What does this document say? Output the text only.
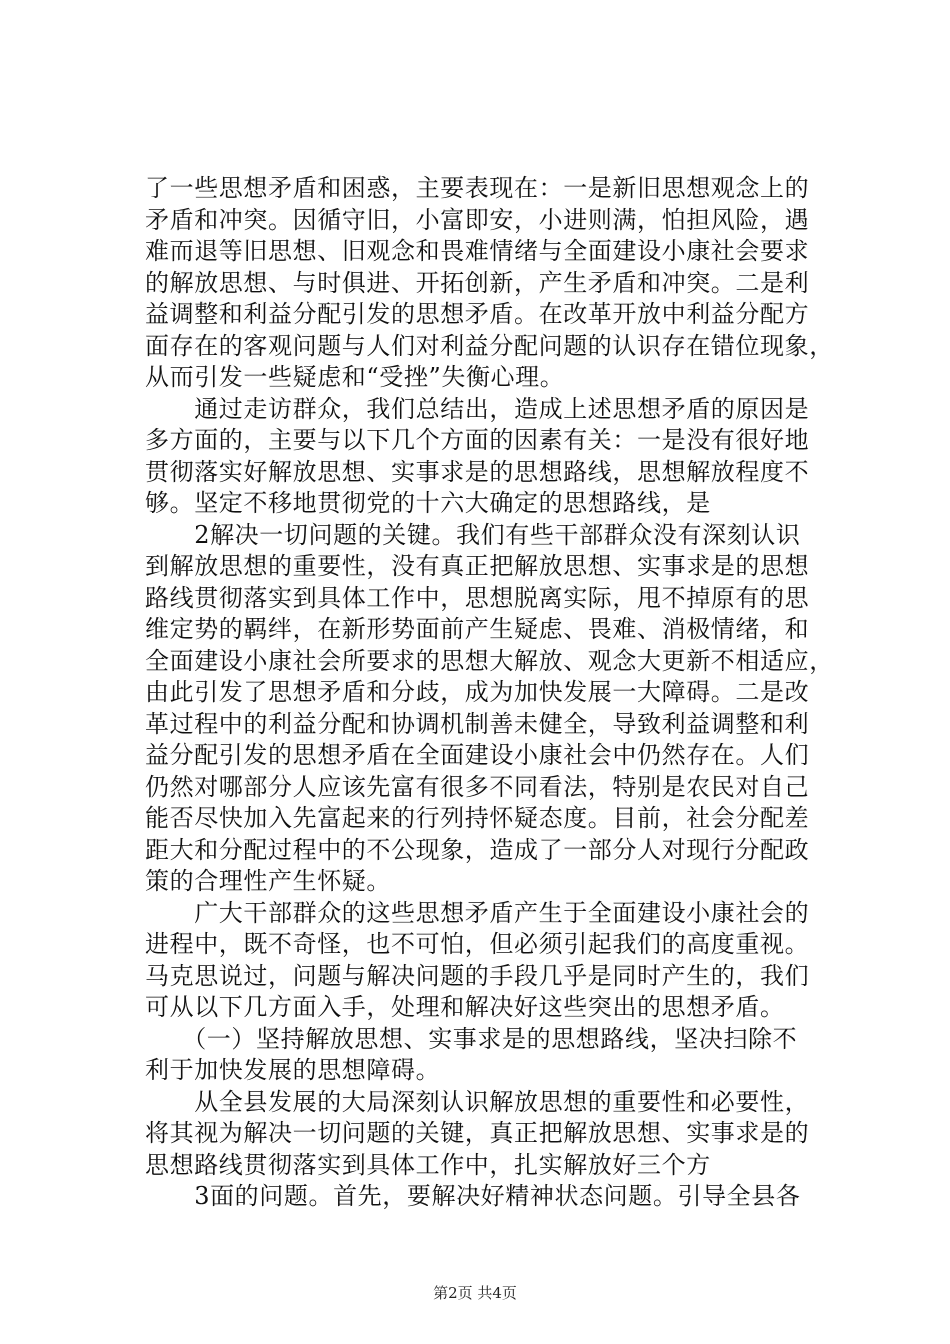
了一些思想矛盾和困惑，主要表现在：一是新旧思想观念上的
矛盾和冲突。因循守旧，小富即安，小进则满，怕担风险，遇
难而退等旧思想、旧观念和畏难情绪与全面建设小康社会要求
的解放思想、与时俱进、开拓创新，产生矛盾和冲突。二是利
益调整和利益分配引发的思想矛盾。在改革开放中利益分配方
面存在的客观问题与人们对利益分配问题的认识存在错位现象，
从而引发一些疑虑和“受挫”失衡心理。
　　通过走访群众，我们总结出，造成上述思想矛盾的原因是
多方面的，主要与以下几个方面的因素有关：一是没有很好地
贯彻落实好解放思想、实事求是的思想路线，思想解放程度不
够。坚定不移地贯彻党的十六大确定的思想路线，是
　　2解决一切问题的关键。我们有些干部群众没有深刻认识
到解放思想的重要性，没有真正把解放思想、实事求是的思想
路线贯彻落实到具体工作中，思想脱离实际，甩不掉原有的思
维定势的羁绊，在新形势面前产生疑虑、畏难、消极情绪，和
全面建设小康社会所要求的思想大解放、观念大更新不相适应，
由此引发了思想矛盾和分歧，成为加快发展一大障碍。二是改
革过程中的利益分配和协调机制善未健全，导致利益调整和利
益分配引发的思想矛盾在全面建设小康社会中仍然存在。人们
仍然对哪部分人应该先富有很多不同看法，特别是农民对自己
能否尽快加入先富起来的行列持怀疑态度。目前，社会分配差
距大和分配过程中的不公现象，造成了一部分人对现行分配政
策的合理性产生怀疑。
　　广大干部群众的这些思想矛盾产生于全面建设小康社会的
进程中，既不奇怪，也不可怕，但必须引起我们的高度重视。
马克思说过，问题与解决问题的手段几乎是同时产生的，我们
可从以下几方面入手，处理和解决好这些突出的思想矛盾。
　　（一）坚持解放思想、实事求是的思想路线，坚决扫除不
利于加快发展的思想障碍。
　　从全县发展的大局深刻认识解放思想的重要性和必要性，
将其视为解决一切问题的关键，真正把解放思想、实事求是的
思想路线贯彻落实到具体工作中，扎实解放好三个方
　　3面的问题。首先，要解决好精神状态问题。引导全县各
第2页 共4页
